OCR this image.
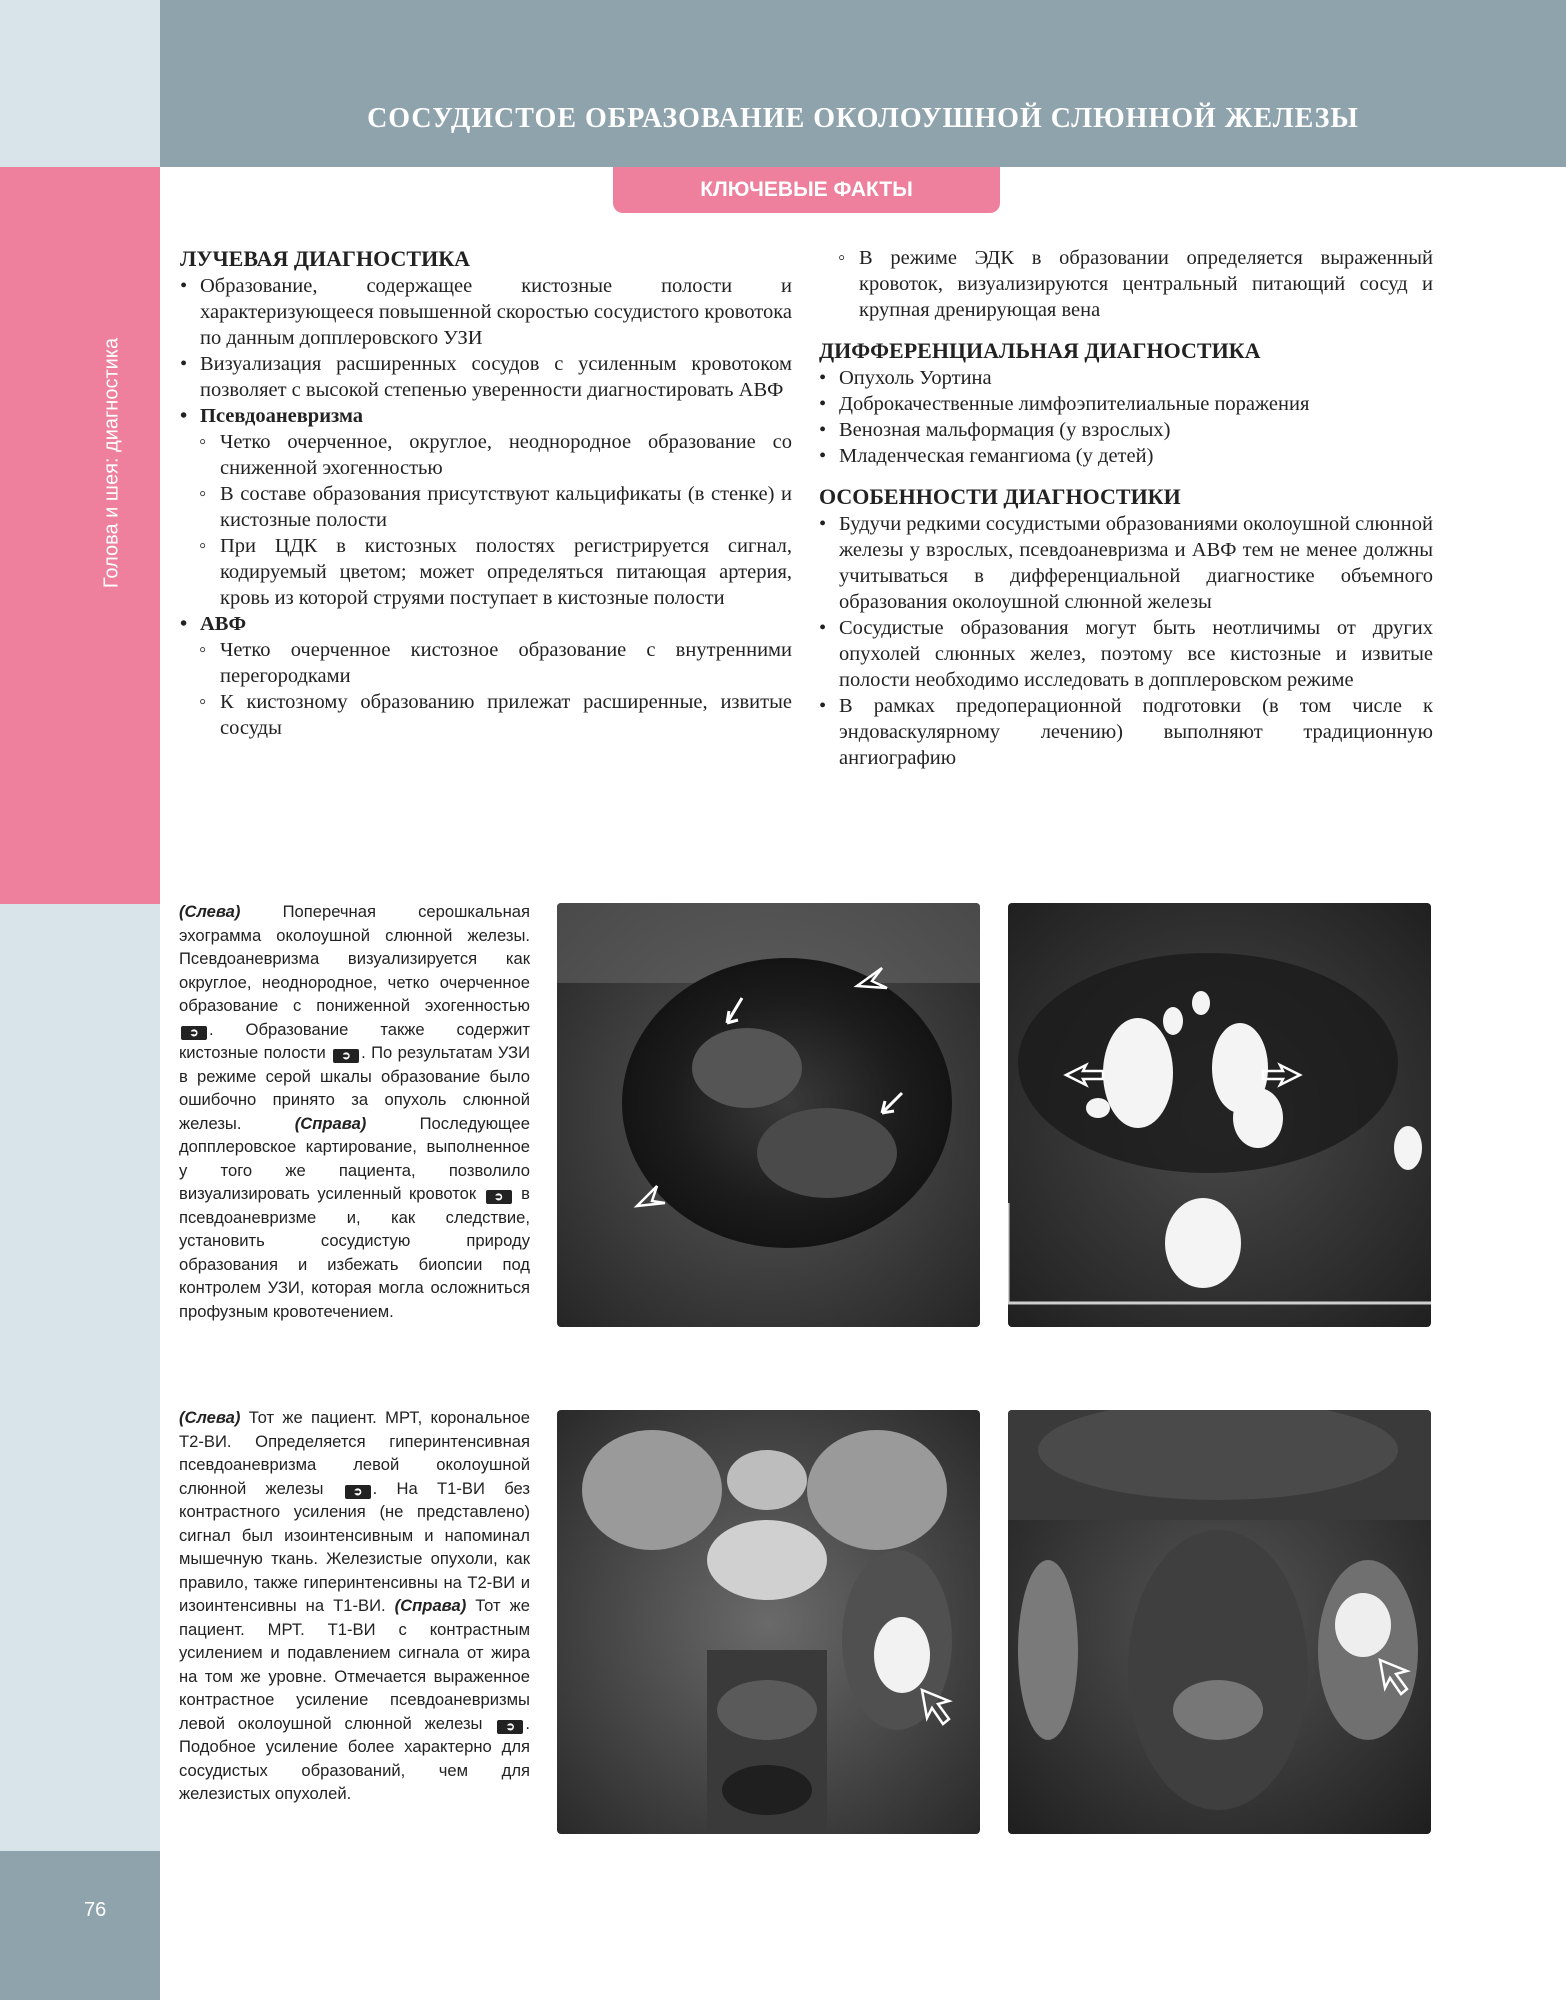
Голова и шея: диагностика
76
СОСУДИСТОЕ ОБРАЗОВАНИЕ ОКОЛОУШНОЙ СЛЮННОЙ ЖЕЛЕЗЫ
КЛЮЧЕВЫЕ ФАКТЫ
ЛУЧЕВАЯ ДИАГНОСТИКА
• Образование, содержащее кистозные полости и характеризующееся повышенной скоростью сосудистого кровотока по данным допплеровского УЗИ
• Визуализация расширенных сосудов с усиленным кровотоком позволяет с высокой степенью уверенности диагностировать АВФ
• Псевдоаневризма
◦ Четко очерченное, округлое, неоднородное образование со сниженной эхогенностью
◦ В составе образования присутствуют кальцификаты (в стенке) и кистозные полости
◦ При ЦДК в кистозных полостях регистрируется сигнал, кодируемый цветом; может определяться питающая артерия, кровь из которой струями поступает в кистозные полости
• АВФ
◦ Четко очерченное кистозное образование с внутренними перегородками
◦ К кистозному образованию прилежат расширенные, извитые сосуды
◦ В режиме ЭДК в образовании определяется выраженный кровоток, визуализируются центральный питающий сосуд и крупная дренирующая вена
ДИФФЕРЕНЦИАЛЬНАЯ ДИАГНОСТИКА
• Опухоль Уортина
• Доброкачественные лимфоэпителиальные поражения
• Венозная мальформация (у взрослых)
• Младенческая гемангиома (у детей)
ОСОБЕННОСТИ ДИАГНОСТИКИ
• Будучи редкими сосудистыми образованиями околоушной слюнной железы у взрослых, псевдоаневризма и АВФ тем не менее должны учитываться в дифференциальной диагностике объемного образования околоушной слюнной железы
• Сосудистые образования могут быть неотличимы от других опухолей слюнных желез, поэтому все кистозные и извитые полости необходимо исследовать в допплеровском режиме
• В рамках предоперационной подготовки (в том числе к эндоваскулярному лечению) выполняют традиционную ангиографию
(Слева)	Поперечная серошкальная эхограмма околоушной слюнной железы. Псевдоаневризма визуализируется как округлое, неоднородное, четко очерченное образование с пониженной эхогенностью ➲ . Образование также содержит кистозные полости ➲ . По результатам УЗИ в режиме серой шкалы образование было ошибочно принято за опухоль слюнной железы.	(Справа)	Последующее допплеровское картирование, выполненное у того же пациента, позволило визуализировать усиленный кровоток ➲ в псевдоаневризме и, как следствие, установить сосудистую природу образования и избежать биопсии под контролем УЗИ, которая могла осложниться профузным кровотечением.
(Слева) Тот же пациент. МРТ, корональное Т2-ВИ. Определяется гиперинтенсивная псевдоаневризма левой околоушной слюнной железы	➲ . На Т1-ВИ без контрастного усиления (не представлено) сигнал был изоинтенсивным и напоминал мышечную ткань. Железистые опухоли, как правило, также гиперинтенсивны на Т2-ВИ и изоинтенсивны на Т1-ВИ. (Справа) Тот же пациент. МРТ. Т1-ВИ с контрастным усилением и подавлением сигнала от жира на том же уровне. Отмечается выраженное контрастное усиление псевдоаневризмы левой околоушной слюнной железы ➲ . Подобное усиление более характерно для сосудистых образований, чем для железистых опухолей.
